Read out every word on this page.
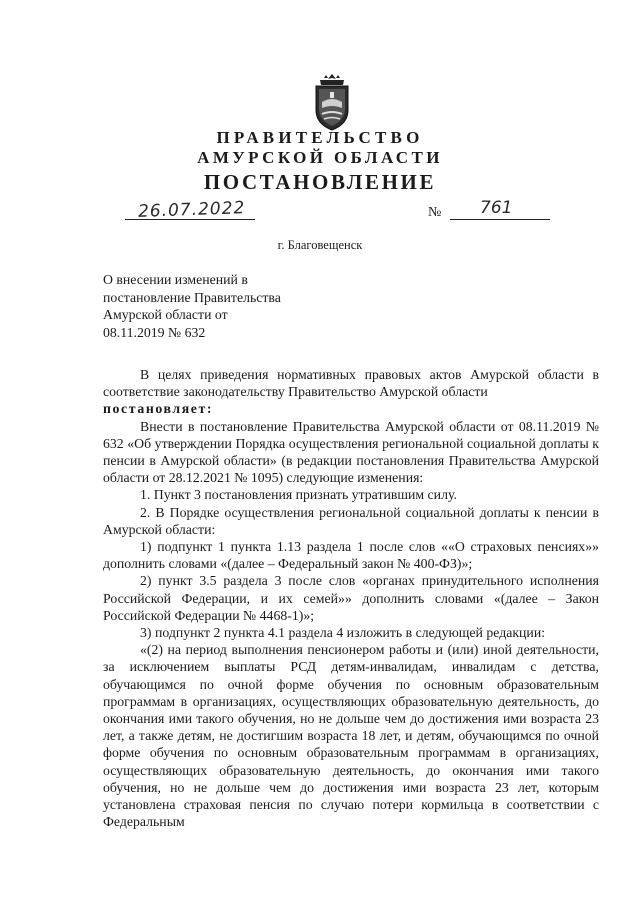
ПРАВИТЕЛЬСТВО
АМУРСКОЙ ОБЛАСТИ
ПОСТАНОВЛЕНИЕ
26.07.2022	№ 761
г. Благовещенск
О внесении изменений в
постановление Правительства
Амурской области от
08.11.2019 № 632

В целях приведения нормативных правовых актов Амурской области в соответствие законодательству Правительство Амурской области

постановляет:

Внести в постановление Правительства Амурской области от 08.11.2019 № 632 «Об утверждении Порядка осуществления региональной социальной доплаты к пенсии в Амурской области» (в редакции постановления Правительства Амурской области от 28.12.2021 № 1095) следующие изменения:

1. Пункт 3 постановления признать утратившим силу.

2. В Порядке осуществления региональной социальной доплаты к пенсии в Амурской области:

1) подпункт 1 пункта 1.13 раздела 1 после слов ««О страховых пенсиях»» дополнить словами «(далее – Федеральный закон № 400-ФЗ)»;

2) пункт 3.5 раздела 3 после слов «органах принудительного исполнения Российской Федерации, и их семей»» дополнить словами «(далее – Закон Российской Федерации № 4468-1)»;

3) подпункт 2 пункта 4.1 раздела 4 изложить в следующей редакции:

«(2) на период выполнения пенсионером работы и (или) иной деятельности, за исключением выплаты РСД детям-инвалидам, инвалидам с детства, обучающимся по очной форме обучения по основным образовательным программам в организациях, осуществляющих образовательную деятельность, до окончания ими такого обучения, но не дольше чем до достижения ими возраста 23 лет, а также детям, не достигшим возраста 18 лет, и детям, обучающимся по очной форме обучения по основным образовательным программам в организациях, осуществляющих образовательную деятельность, до окончания ими такого обучения, но не дольше чем до достижения ими возраста 23 лет, которым установлена страховая пенсия по случаю потери кормильца в соответствии с Федеральным
